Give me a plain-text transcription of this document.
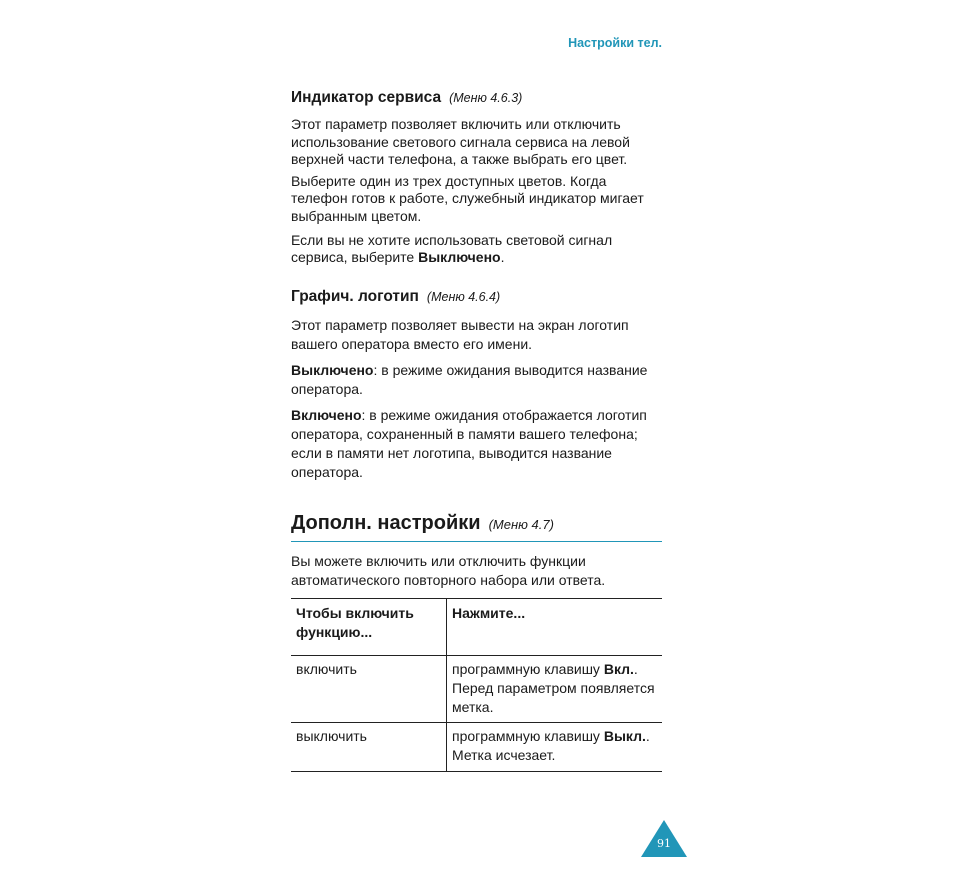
Настройки тел.
Индикатор сервиса (Меню 4.6.3)

Этот параметр позволяет включить или отключить использование светового сигнала сервиса на левой верхней части телефона, а также выбрать его цвет.

Выберите один из трех доступных цветов. Когда телефон готов к работе, служебный индикатор мигает выбранным цветом.

Если вы не хотите использовать световой сигнал сервиса, выберите Выключено.

Графич. логотип (Меню 4.6.4)

Этот параметр позволяет вывести на экран логотип вашего оператора вместо его имени.

Выключено: в режиме ожидания выводится название оператора.

Включено: в режиме ожидания отображается логотип оператора, сохраненный в памяти вашего телефона; если в памяти нет логотипа, выводится название оператора.

Дополн. настройки (Меню 4.7)

Вы можете включить или отключить функции автоматического повторного набора или ответа.

Чтобы включить функцию...	Нажмите...
включить	программную клавишу Вкл.. Перед параметром появляется метка.
выключить	программную клавишу Выкл.. Метка исчезает.
91
